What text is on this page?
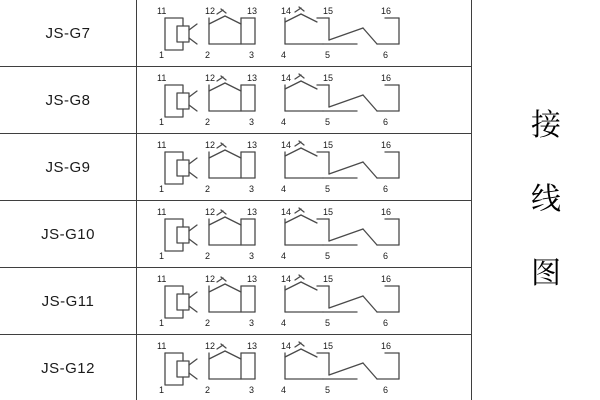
JS-G7	
11	12	13	14	15	16
1	2	3	4	5	6

JS-G8	
11	12	13	14	15	16
1	2	3	4	5	6

JS-G9	
11	12	13	14	15	16
1	2	3	4	5	6

JS-G10	
11	12	13	14	15	16
1	2	3	4	5	6

JS-G11	
11	12	13	14	15	16
1	2	3	4	5	6

JS-G12	
11	12	13	14	15	16
1	2	3	4	5	6
接
线
图
